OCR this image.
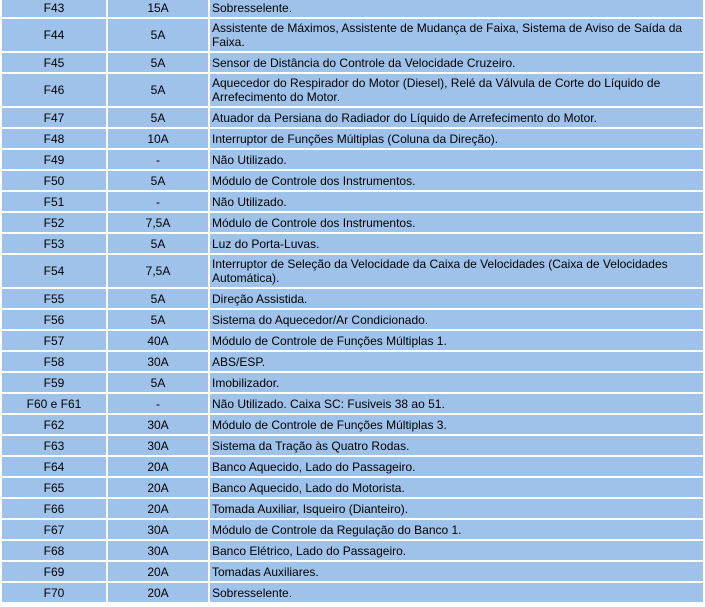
F43	15A	Sobresselente.
F44	5A	Assistente de Máximos, Assistente de Mudança de Faixa, Sistema de Aviso de Saída da Faixa.
F45	5A	Sensor de Distância do Controle da Velocidade Cruzeiro.
F46	5A	Aquecedor do Respirador do Motor (Diesel), Relé da Válvula de Corte do Líquido de Arrefecimento do Motor.
F47	5A	Atuador da Persiana do Radiador do Líquido de Arrefecimento do Motor.
F48	10A	Interruptor de Funções Múltiplas (Coluna da Direção).
F49	-	Não Utilizado.
F50	5A	Módulo de Controle dos Instrumentos.
F51	-	Não Utilizado.
F52	7,5A	Módulo de Controle dos Instrumentos.
F53	5A	Luz do Porta-Luvas.
F54	7,5A	Interruptor de Seleção da Velocidade da Caixa de Velocidades (Caixa de Velocidades Automática).
F55	5A	Direção Assistida.
F56	5A	Sistema do Aquecedor/Ar Condicionado.
F57	40A	Módulo de Controle de Funções Múltiplas 1.
F58	30A	ABS/ESP.
F59	5A	Imobilizador.
F60 e F61	-	Não Utilizado. Caixa SC: Fusiveis 38 ao 51.
F62	30A	Módulo de Controle de Funções Múltiplas 3.
F63	30A	Sistema da Tração às Quatro Rodas.
F64	20A	Banco Aquecido, Lado do Passageiro.
F65	20A	Banco Aquecido, Lado do Motorista.
F66	20A	Tomada Auxiliar, Isqueiro (Dianteiro).
F67	30A	Módulo de Controle da Regulação do Banco 1.
F68	30A	Banco Elétrico, Lado do Passageiro.
F69	20A	Tomadas Auxiliares.
F70	20A	Sobresselente.
